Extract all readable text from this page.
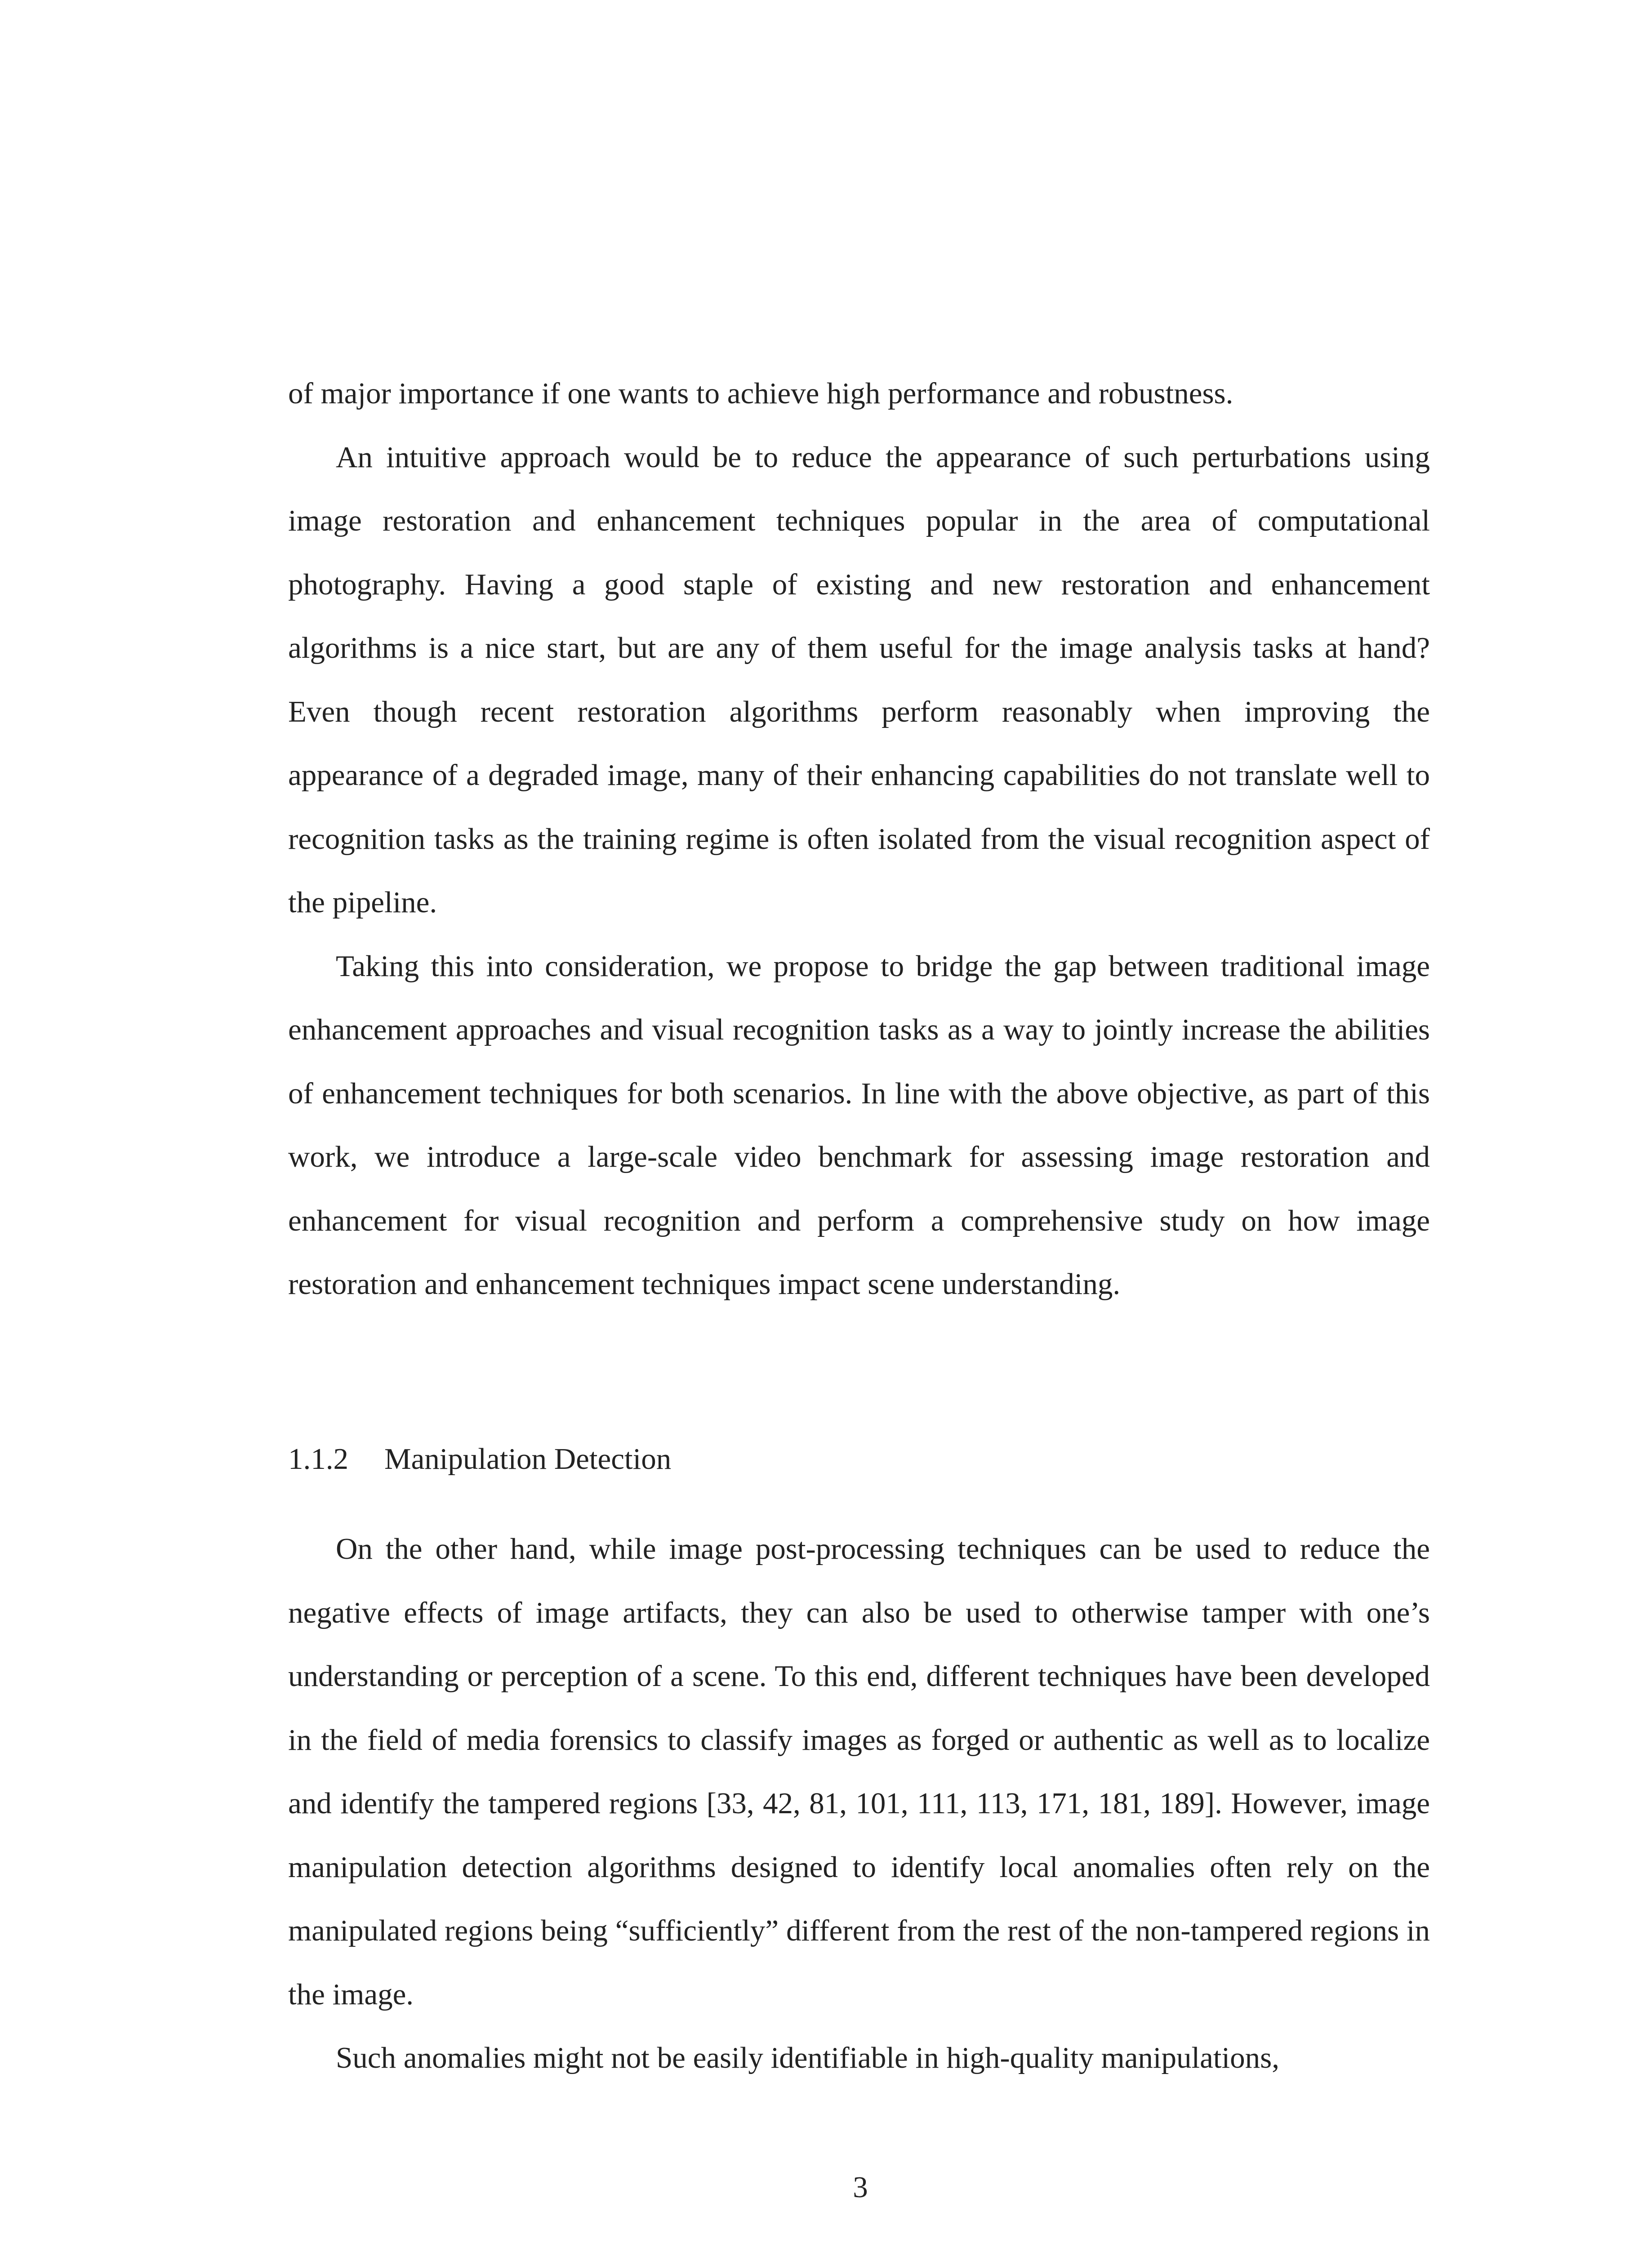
of major importance if one wants to achieve high performance and robustness.

An intuitive approach would be to reduce the appearance of such perturbations using image restoration and enhancement techniques popular in the area of computational photography. Having a good staple of existing and new restoration and enhancement algorithms is a nice start, but are any of them useful for the image analysis tasks at hand? Even though recent restoration algorithms perform reasonably when improving the appearance of a degraded image, many of their enhancing capabilities do not translate well to recognition tasks as the training regime is often isolated from the visual recognition aspect of the pipeline.

Taking this into consideration, we propose to bridge the gap between traditional image enhancement approaches and visual recognition tasks as a way to jointly increase the abilities of enhancement techniques for both scenarios. In line with the above objective, as part of this work, we introduce a large-scale video benchmark for assessing image restoration and enhancement for visual recognition and perform a comprehensive study on how image restoration and enhancement techniques impact scene understanding.

1.1.2 Manipulation Detection

On the other hand, while image post-processing techniques can be used to reduce the negative effects of image artifacts, they can also be used to otherwise tamper with one’s understanding or perception of a scene. To this end, different techniques have been developed in the field of media forensics to classify images as forged or authentic as well as to localize and identify the tampered regions [33, 42, 81, 101, 111, 113, 171, 181, 189]. However, image manipulation detection algorithms designed to identify local anomalies often rely on the manipulated regions being “sufficiently” different from the rest of the non-tampered regions in the image.

Such anomalies might not be easily identifiable in high-quality manipulations,

3
